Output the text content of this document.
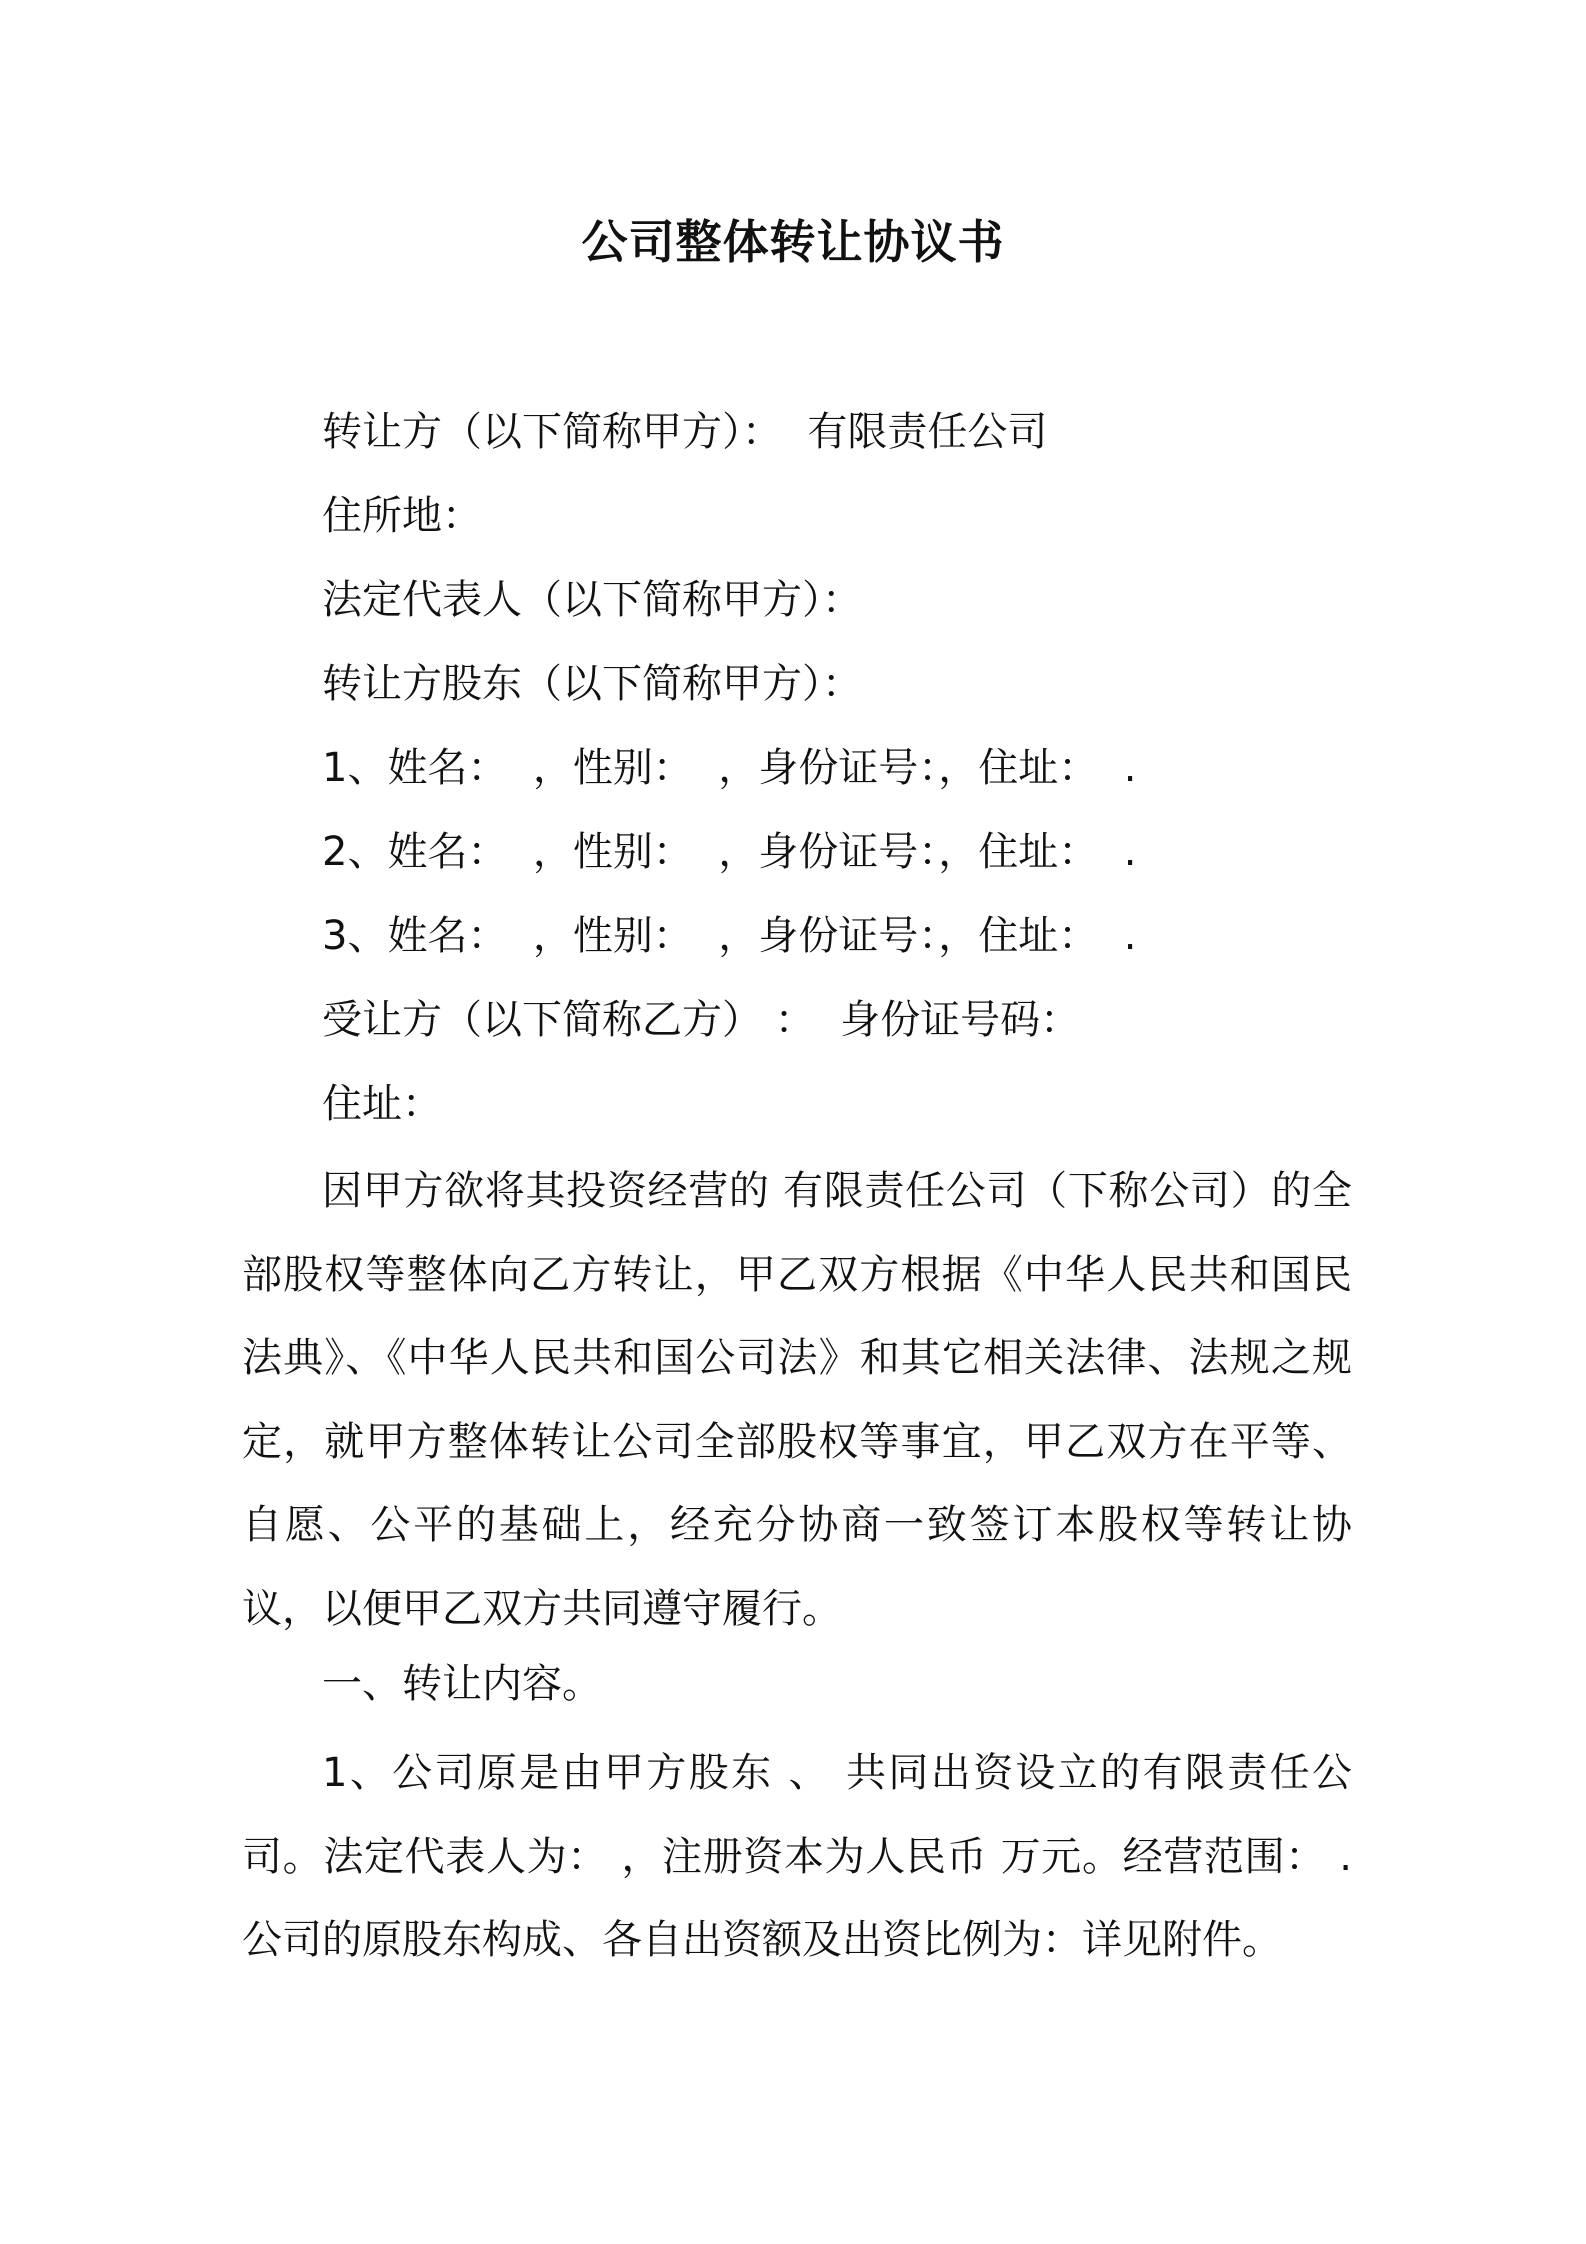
公司整体转让协议书
转让方（以下简称甲方）：  有限责任公司
住所地：
法定代表人（以下简称甲方）：
转让方股东（以下简称甲方）：
1、姓名：  ，性别：  ，身份证号：，住址：  .
2、姓名：  ，性别：  ，身份证号：，住址：  .
3、姓名：  ，性别：  ，身份证号：，住址：  .
受让方（以下简称乙方） ：  身份证号码：
住址：
因甲方欲将其投资经营的 有限责任公司（下称公司）的全部股权等整体向乙方转让，甲乙双方根据《中华人民共和国民法典》、《中华人民共和国公司法》和其它相关法律、法规之规定，就甲方整体转让公司全部股权等事宜，甲乙双方在平等、自愿、公平的基础上，经充分协商一致签订本股权等转让协议，以便甲乙双方共同遵守履行。
一、转让内容。
1、公司原是由甲方股东 、 共同出资设立的有限责任公司。法定代表人为： ，注册资本为人民币 万元。经营范围： .公司的原股东构成、各自出资额及出资比例为：详见附件。
